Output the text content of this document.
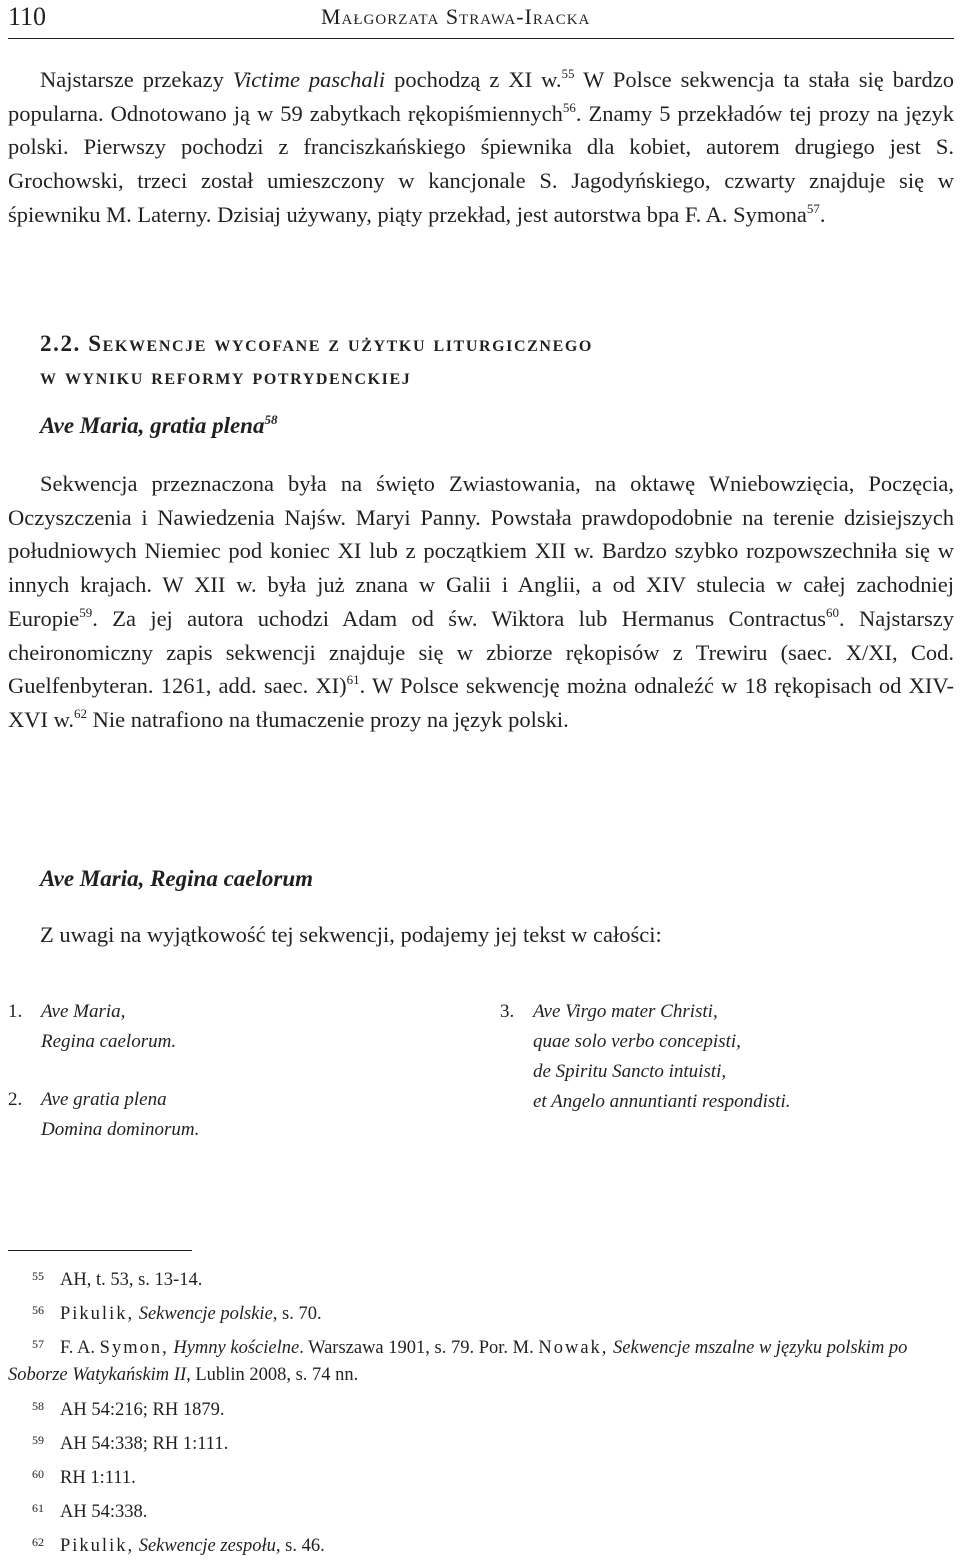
110	Małgorzata Strawa-Iracka

Najstarsze przekazy Victime paschali pochodzą z XI w.$^{55}$ W Polsce sekwencja ta stała się bardzo popularna. Odnotowano ją w 59 zabytkach rękopiśmiennych$^{56}$. Znamy 5 przekładów tej prozy na język polski. Pierwszy pochodzi z franciszkańskiego śpiewnika dla kobiet, autorem drugiego jest S. Grochowski, trzeci został umieszczony w kancjonale S. Jagodyńskiego, czwarty znajduje się w śpiewniku M. Laterny. Dzisiaj używany, piąty przekład, jest autorstwa bpa F. A. Symona$^{57}$.

2.2. Sekwencje wycofane z użytku liturgicznego
w wyniku reformy potrydenckiej
Ave Maria, gratia plena$^{58}$

Sekwencja przeznaczona była na święto Zwiastowania, na oktawę Wniebowzięcia, Poczęcia, Oczyszczenia i Nawiedzenia Najśw. Maryi Panny. Powstała prawdopodobnie na terenie dzisiejszych południowych Niemiec pod koniec XI lub z początkiem XII w. Bardzo szybko rozpowszechniła się w innych krajach. W XII w. była już znana w Galii i Anglii, a od XIV stulecia w całej zachodniej Europie$^{59}$. Za jej autora uchodzi Adam od św. Wiktora lub Hermanus Contractus$^{60}$. Najstarszy cheironomiczny zapis sekwencji znajduje się w zbiorze rękopisów z Trewiru (saec. X/XI, Cod. Guelfenbyteran. 1261, add. saec. XI)$^{61}$. W Polsce sekwencję można odnaleźć w 18 rękopisach od XIV-XVI w.$^{62}$ Nie natrafiono na tłumaczenie prozy na język polski.

Ave Maria, Regina caelorum

Z uwagi na wyjątkowość tej sekwencji, podajemy jej tekst w całości:

1. Ave Maria,
Regina caelorum.
2. Ave gratia plena
Domina dominorum.
3. Ave Virgo mater Christi,
quae solo verbo concepisti,
de Spiritu Sancto intuisti,
et Angelo annuntianti respondisti.

55 AH, t. 53, s. 13-14.

56 Pikulik, Sekwencje polskie, s. 70.

57 F. A. Symon, Hymny kościelne. Warszawa 1901, s. 79. Por. M. Nowak, Sekwencje mszalne w języku polskim po Soborze Watykańskim II, Lublin 2008, s. 74 nn.

58 AH 54:216; RH 1879.

59 AH 54:338; RH 1:111.

60 RH 1:111.

61 AH 54:338.

62 Pikulik, Sekwencje zespołu, s. 46.
